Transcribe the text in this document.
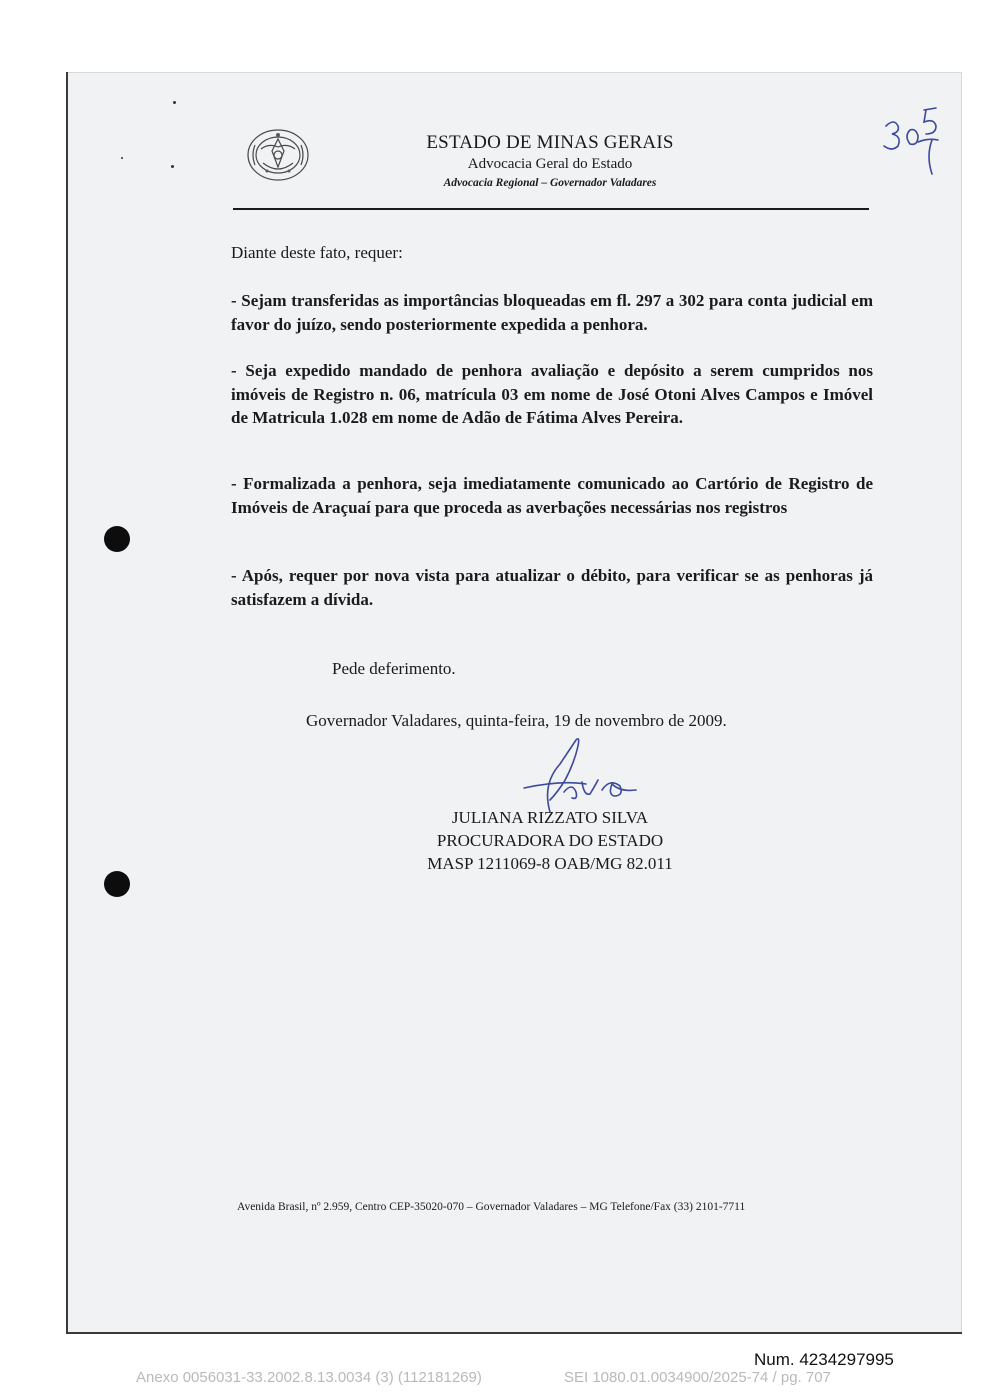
ESTADO DE MINAS GERAIS
Advocacia Geral do Estado
Advocacia Regional – Governador Valadares
Diante deste fato, requer:
- Sejam transferidas as importâncias bloqueadas em fl. 297 a 302 para conta judicial em favor do juízo, sendo posteriormente expedida a penhora.
- Seja expedido mandado de penhora avaliação e depósito a serem cumpridos nos imóveis de Registro n. 06, matrícula 03 em nome de José Otoni Alves Campos e Imóvel de Matricula 1.028 em nome de Adão de Fátima Alves Pereira.
- Formalizada a penhora, seja imediatamente comunicado ao Cartório de Registro de Imóveis de Araçuaí para que proceda as averbações necessárias nos registros
- Após, requer por nova vista para atualizar o débito, para verificar se as penhoras já satisfazem a dívida.
Pede deferimento.
Governador Valadares, quinta-feira, 19 de novembro de 2009.
JULIANA RIZZATO SILVA
PROCURADORA DO ESTADO
MASP 1211069-8 OAB/MG 82.011
Avenida Brasil, nº 2.959, Centro CEP-35020-070 – Governador Valadares – MG Telefone/Fax (33) 2101-7711
Num. 4234297995
Anexo 0056031-33.2002.8.13.0034 (3) (112181269)	SEI 1080.01.0034900/2025-74 / pg. 707
